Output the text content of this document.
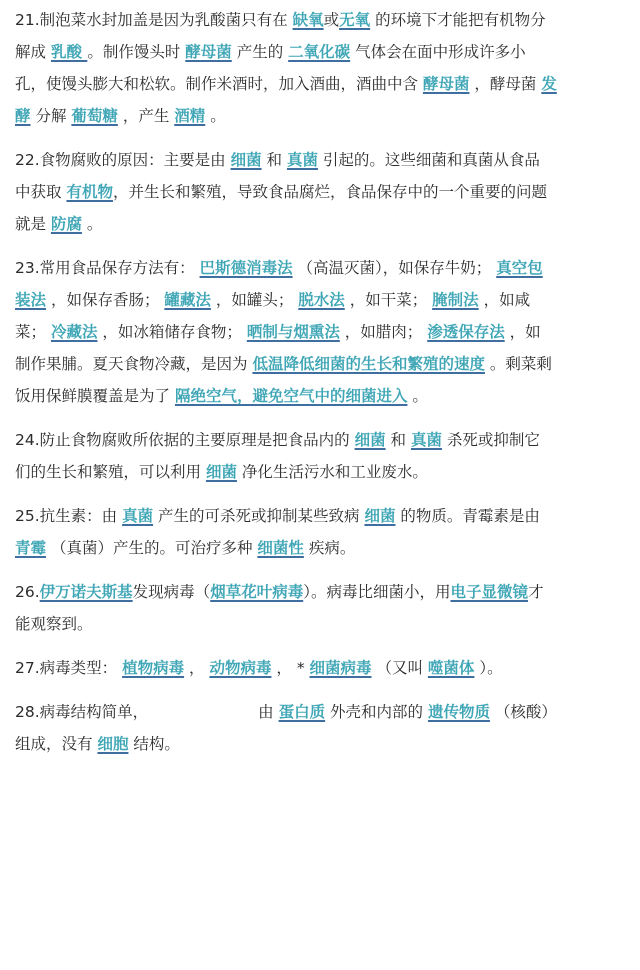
21.制泡菜水封加盖是因为乳酸菌只有在 缺氧或无氧 的环境下才能把有机物分
解成 乳酸 。制作馒头时 酵母菌 产生的 二氧化碳 气体会在面中形成许多小
孔，使馒头膨大和松软。制作米酒时，加入酒曲，酒曲中含 酵母菌 ，酵母菌 发
酵 分解 葡萄糖 ，产生 酒精 。
22.食物腐败的原因：主要是由 细菌 和 真菌 引起的。这些细菌和真菌从食品
中获取 有机物，并生长和繁殖，导致食品腐烂，食品保存中的一个重要的问题
就是 防腐 。
23.常用食品保存方法有： 巴斯德消毒法 （高温灭菌），如保存牛奶； 真空包
装法 ，如保存香肠； 罐藏法 ，如罐头； 脱水法 ，如干菜； 腌制法 ，如咸
菜； 冷藏法 ，如冰箱储存食物； 晒制与烟熏法 ，如腊肉； 渗透保存法 ，如
制作果脯。夏天食物冷藏，是因为 低温降低细菌的生长和繁殖的速度 。剩菜剩
饭用保鲜膜覆盖是为了 隔绝空气，避免空气中的细菌进入 。
24.防止食物腐败所依据的主要原理是把食品内的 细菌 和 真菌 杀死或抑制它
们的生长和繁殖，可以利用 细菌 净化生活污水和工业废水。
25.抗生素：由 真菌 产生的可杀死或抑制某些致病 细菌 的物质。青霉素是由
青霉 （真菌）产生的。可治疗多种 细菌性 疾病。
26.伊万诺夫斯基发现病毒（烟草花叶病毒）。病毒比细菌小，用电子显微镜才
能观察到。
27.病毒类型： 植物病毒 ， 动物病毒 ， * 细菌病毒 （又叫 噬菌体 ）。
28.病毒结构简单，	由 蛋白质 外壳和内部的 遗传物质 （核酸）
组成，没有 细胞 结构。
